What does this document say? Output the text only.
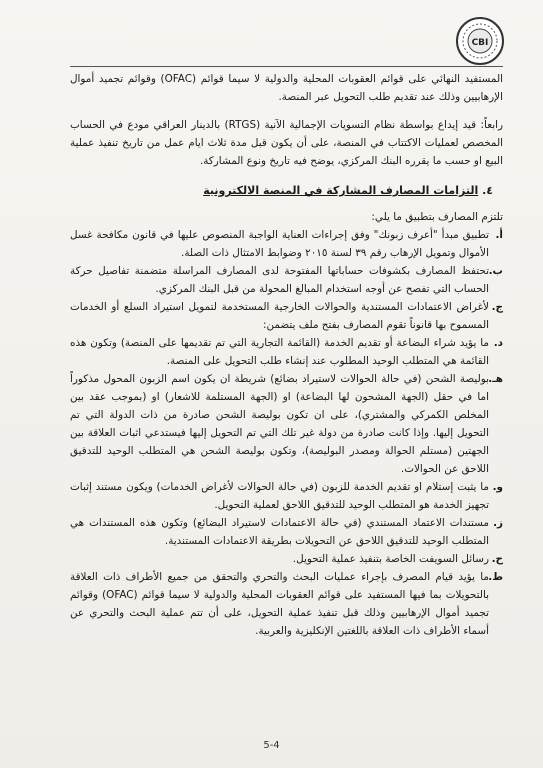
CBI

المستفيد النهائي على قوائم العقوبات المحلية والدولية لا سيما قوائم (OFAC) وقوائم تجميد أموال الإرهابيين وذلك عند تقديم طلب التحويل عبر المنصة.

رابعاً: قيد إيداع بواسطة نظام التسويات الإجمالية الآنية (RTGS) بالدينار العراقي مودع في الحساب المخصص لعمليات الاكتتاب في المنصة، على أن يكون قبل مدة ثلاث ايام عمل من تاريخ تنفيذ عملية البيع او حسب ما يقرره البنك المركزي، يوضح فيه تاريخ ونوع المشاركة.

٤. التزامات المصارف المشاركة في المنصة الالكترونية
تلتزم المصارف بتطبيق ما يلي:
أ.
تطبيق مبدأ "أعرف زبونك" وفق إجراءات العناية الواجبة المنصوص عليها في قانون مكافحة غسل الأموال وتمويل الإرهاب رقم ٣٩ لسنة ٢٠١٥ وضوابط الامتثال ذات الصلة.
ب.
تحتفظ المصارف بكشوفات حساباتها المفتوحة لدى المصارف المراسلة متضمنة تفاصيل حركة الحساب التي تفصح عن أوجه استخدام المبالغ المحولة من قبل البنك المركزي.
ج.
لأغراض الاعتمادات المستندية والحوالات الخارجية المستخدمة لتمويل استيراد السلع أو الخدمات المسموح بها قانوناً تقوم المصارف بفتح ملف يتضمن:
د.
ما يؤيد شراء البضاعة أو تقديم الخدمة (القائمة التجارية التي تم تقديمها على المنصة) وتكون هذه القائمة هي المتطلب الوحيد المطلوب عند إنشاء طلب التحويل على المنصة.
هـ.
بوليصة الشحن (في حالة الحوالات لاستيراد بضائع) شريطة ان يكون اسم الزبون المحول مذكوراً اما في حقل (الجهة المشحون لها البضاعة) او (الجهة المستلمة للاشعار) او (بموجب عقد بين المخلص الكمركي والمشتري)، على ان تكون بوليصة الشحن صادرة من ذات الدولة التي تم التحويل إليها. وإذا كانت صادرة من دولة غير تلك التي تم التحويل إليها فيستدعي اثبات العلاقة بين الجهتين (مستلم الحوالة ومصدر البوليصة)، وتكون بوليصة الشحن هي المتطلب الوحيد للتدقيق اللاحق عن الحوالات.
و.
ما يثبت إستلام او تقديم الخدمة للزبون (في حالة الحوالات لأغراض الخدمات) ويكون مستند إثبات تجهيز الخدمة هو المتطلب الوحيد للتدقيق اللاحق لعملية التحويل.
ز.
مستندات الاعتماد المستندي (في حالة الاعتمادات لاستيراد البضائع) وتكون هذه المستندات هي المتطلب الوحيد للتدقيق اللاحق عن التحويلات بطريقة الاعتمادات المستندية.
ح.
رسائل السويفت الخاصة بتنفيذ عملية التحويل.
ط.
ما يؤيد قيام المصرف بإجراء عمليات البحث والتحري والتحقق من جميع الأطراف ذات العلاقة بالتحويلات بما فيها المستفيد على قوائم العقوبات المحلية والدولية لا سيما قوائم (OFAC) وقوائم تجميد أموال الإرهابيين وذلك قبل تنفيذ عملية التحويل، على أن تتم عملية البحث والتحري عن أسماء الأطراف ذات العلاقة باللغتين الإنكليزية والعربية.
5-4
